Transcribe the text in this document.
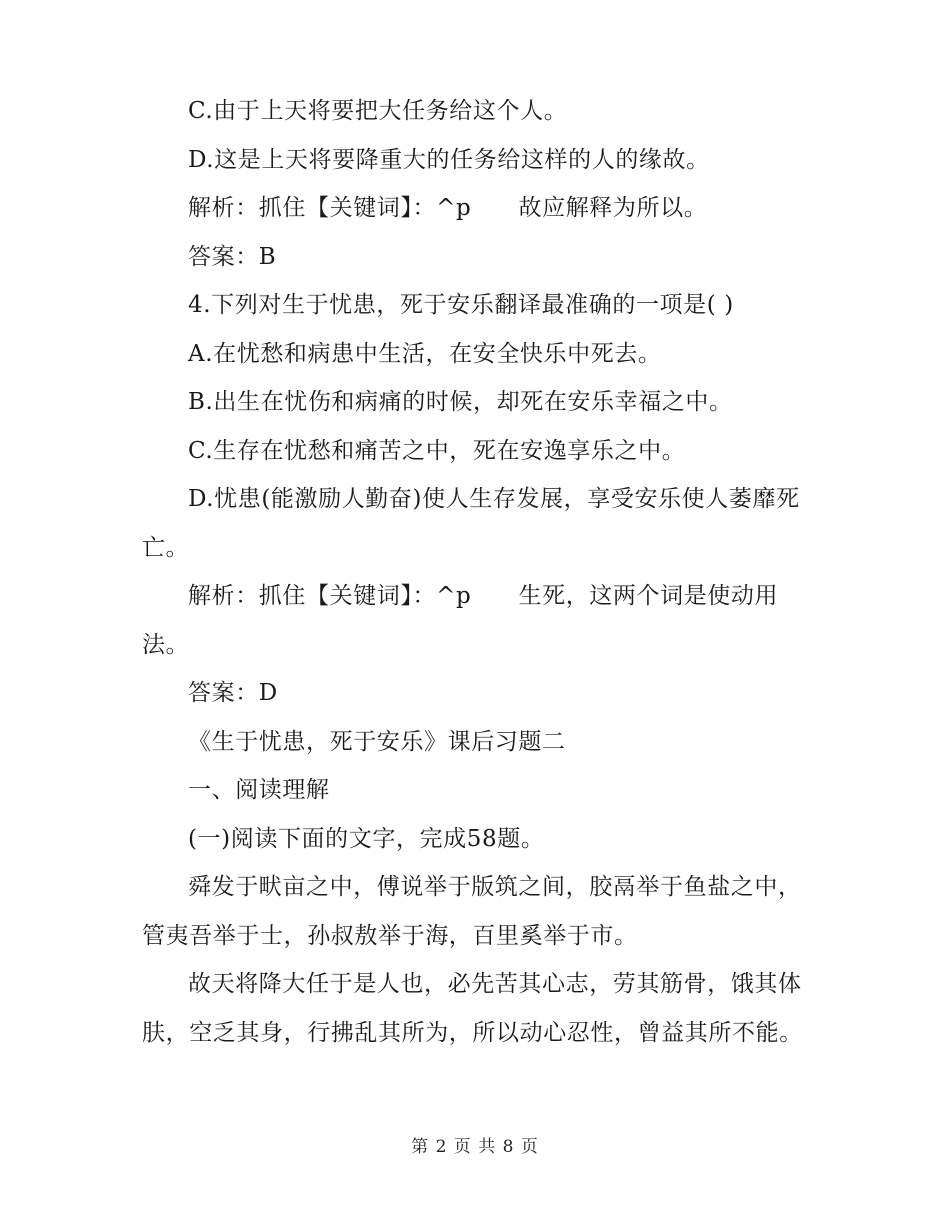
C.由于上天将要把大任务给这个人。

D.这是上天将要降重大的任务给这样的人的缘故。

解析：抓住【关键词】：^p　　故应解释为所以。

答案：B

4.下列对生于忧患，死于安乐翻译最准确的一项是( )

A.在忧愁和病患中生活，在安全快乐中死去。

B.出生在忧伤和病痛的时候，却死在安乐幸福之中。

C.生存在忧愁和痛苦之中，死在安逸享乐之中。

D.忧患(能激励人勤奋)使人生存发展，享受安乐使人萎靡死亡。

解析：抓住【关键词】：^p　　生死，这两个词是使动用法。

答案：D

《生于忧患，死于安乐》课后习题二

一、阅读理解

(一)阅读下面的文字，完成58题。

舜发于畎亩之中，傅说举于版筑之间，胶鬲举于鱼盐之中，管夷吾举于士，孙叔敖举于海，百里奚举于市。

故天将降大任于是人也，必先苦其心志，劳其筋骨，饿其体肤，空乏其身，行拂乱其所为，所以动心忍性，曾益其所不能。

第 2 页 共 8 页
